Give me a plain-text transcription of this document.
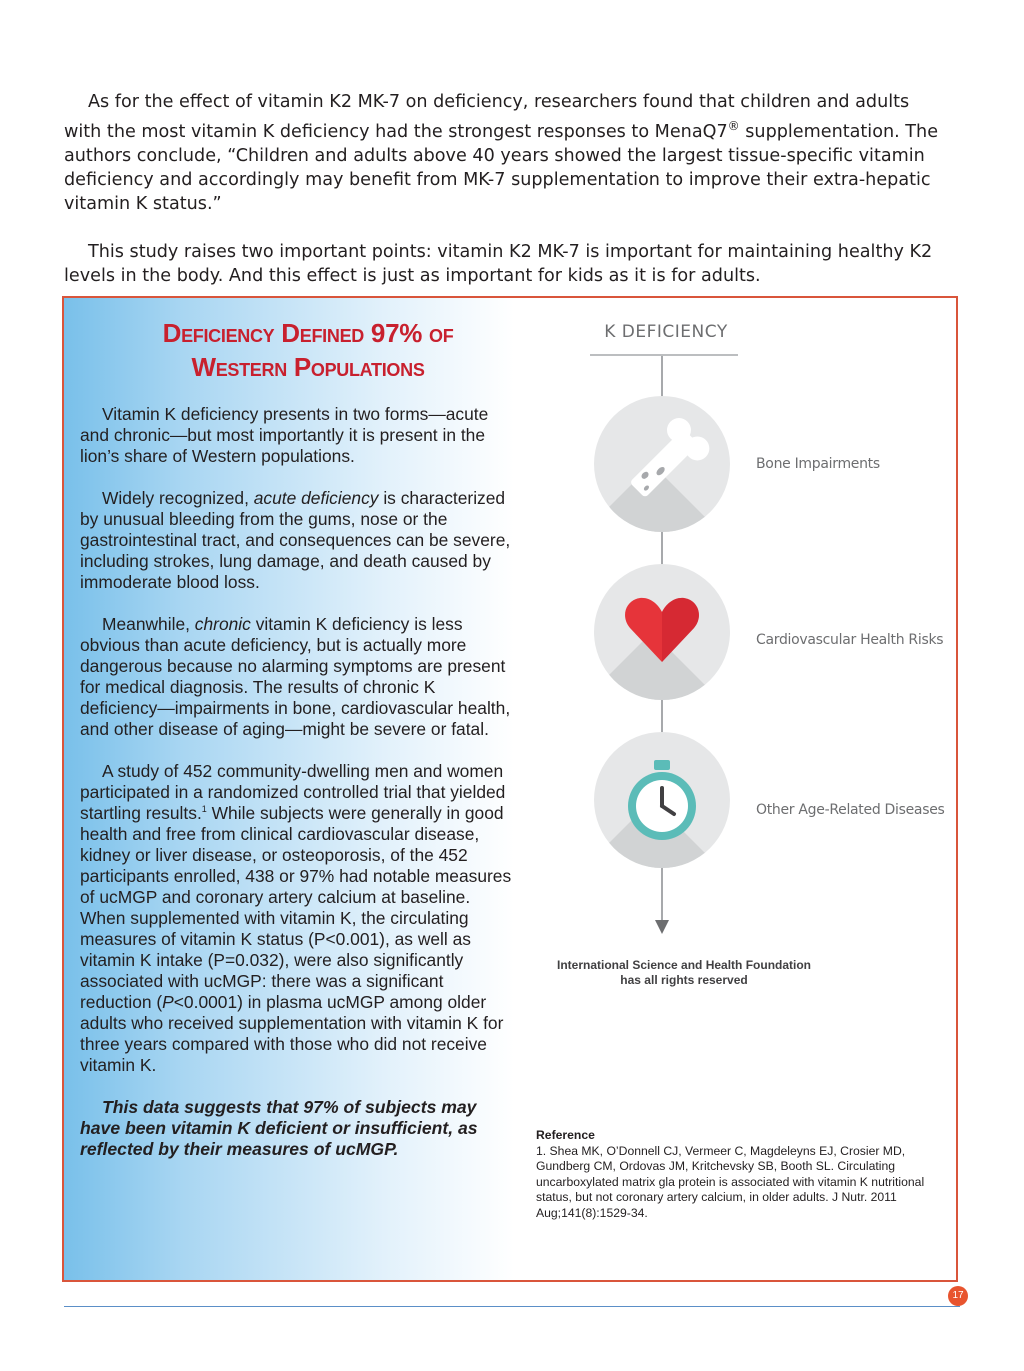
As for the effect of vitamin K2 MK-7 on deficiency, researchers found that children and adults with the most vitamin K deficiency had the strongest responses to MenaQ7® supplementation. The authors conclude, “Children and adults above 40 years showed the largest tissue-specific vitamin deficiency and accordingly may benefit from MK-7 supplementation to improve their extra-hepatic vitamin K status.”

This study raises two important points: vitamin K2 MK-7 is important for maintaining healthy K2 levels in the body. And this effect is just as important for kids as it is for adults.

Deficiency Defined 97% of
Western Populations

Vitamin K deficiency presents in two forms—acute and chronic—but most importantly it is present in the lion’s share of Western populations.

Widely recognized, acute deficiency is characterized by unusual bleeding from the gums, nose or the gastrointestinal tract, and consequences can be severe, including strokes, lung damage, and death caused by immoderate blood loss.

Meanwhile, chronic vitamin K deficiency is less obvious than acute deficiency, but is actually more dangerous because no alarming symptoms are present for medical diagnosis. The results of chronic K deficiency—impairments in bone, cardiovascular health, and other disease of aging—might be severe or fatal.

A study of 452 community-dwelling men and women participated in a randomized controlled trial that yielded startling results.$^1$ While subjects were generally in good health and free from clinical cardiovascular disease, kidney or liver disease, or osteoporosis, of the 452 participants enrolled, 438 or 97% had notable measures of ucMGP and coronary artery calcium at baseline. When supplemented with vitamin K, the circulating measures of vitamin K status (P<0.001), as well as vitamin K intake (P=0.032), were also significantly associated with ucMGP: there was a significant reduction (P<0.0001) in plasma ucMGP among older adults who received supplementation with vitamin K for three years compared with those who did not receive vitamin K.

This data suggests that 97% of subjects may have been vitamin K deficient or insufficient, as reflected by their measures of ucMGP.

K DEFICIENCY
Bone Impairments
Cardiovascular Health Risks
Other Age-Related Diseases
International Science and Health Foundation
has all rights reserved
Reference
1. Shea MK, O’Donnell CJ, Vermeer C, Magdeleyns EJ, Crosier MD, Gundberg CM, Ordovas JM, Kritchevsky SB, Booth SL. Circulating uncarboxylated matrix gla protein is associated with vitamin K nutritional status, but not coronary artery calcium, in older adults. J Nutr. 2011 Aug;141(8):1529-34.
17
